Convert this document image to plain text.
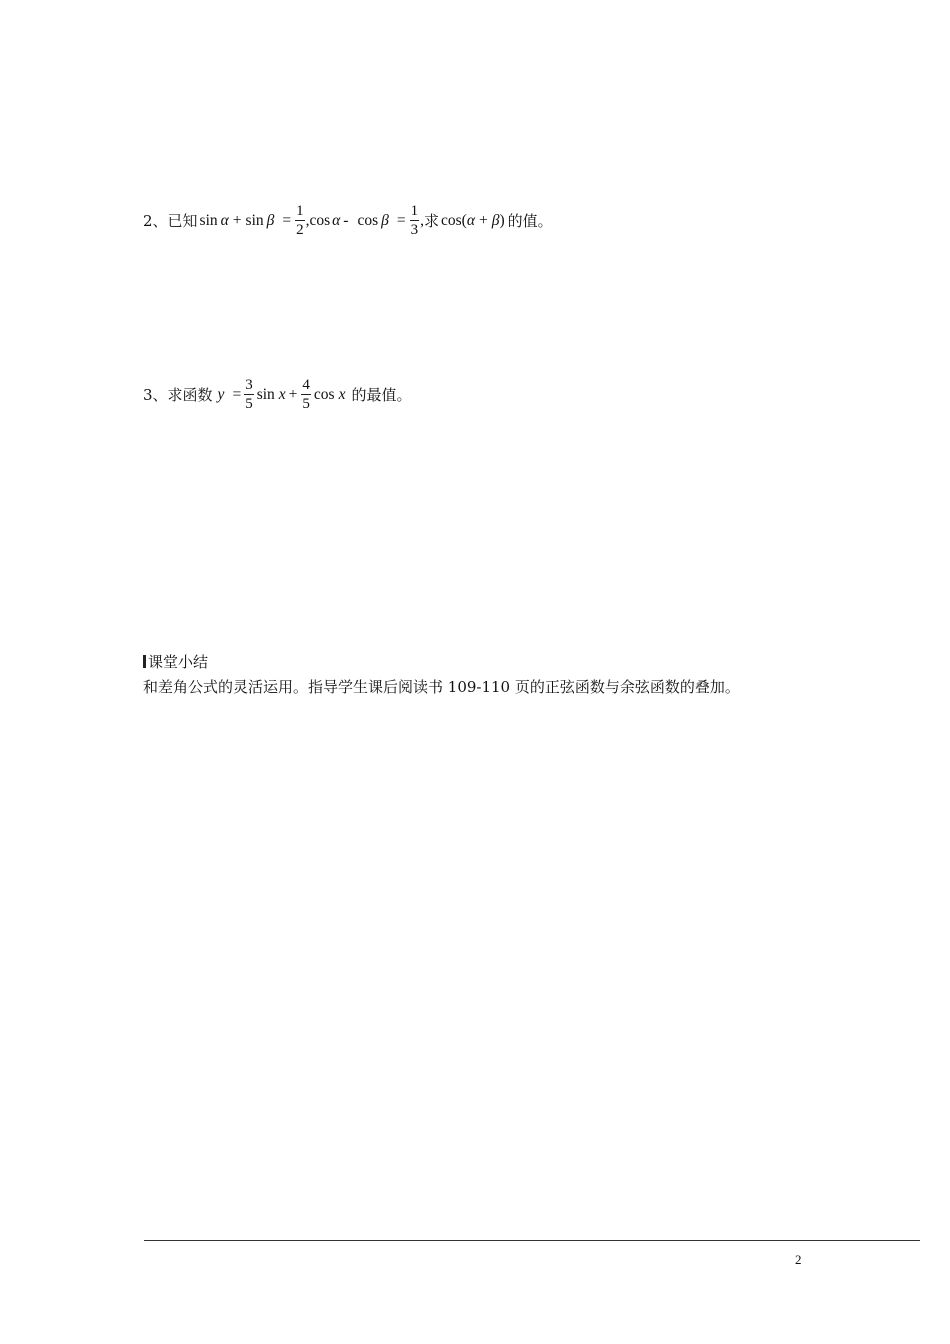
2、已知 $\sin \alpha + \sin \beta = \frac{1}{2}$ , $\cos \alpha - \cos \beta = \frac{1}{3}$ , 求 cos( α + β ) 的值。
3、求函数 $y = \frac{3}{5}$ $\sin x + \frac{4}{5}$ cos x 的最值。
课堂小结
和差角公式的灵活运用。指导学生课后阅读书 109-110 页的正弦函数与余弦函数的叠加。
2
